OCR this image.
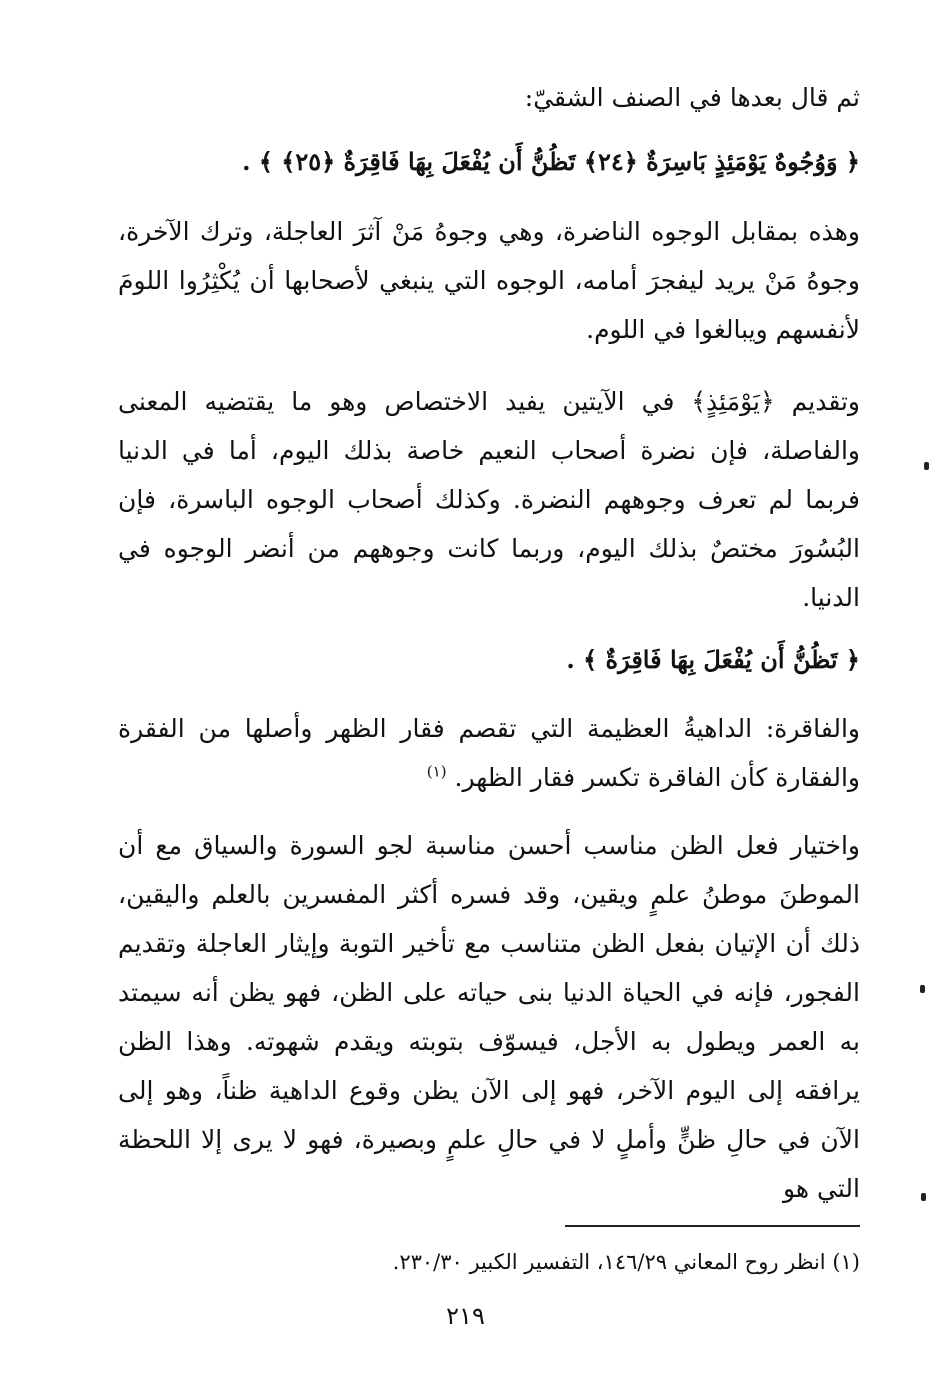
ثم قال بعدها في الصنف الشقيّ:

﴿ وَوُجُوهٌ يَوْمَئِذٍ بَاسِرَةٌ ﴿٢٤﴾ تَظُنُّ أَن يُفْعَلَ بِهَا فَاقِرَةٌ ﴿٢٥﴾ ﴾ .

وهذه بمقابل الوجوه الناضرة، وهي وجوهُ مَنْ آثرَ العاجلة، وترك الآخرة، وجوهُ مَنْ يريد ليفجرَ أمامه، الوجوه التي ينبغي لأصحابها أن يُكْثِرُوا اللومَ لأنفسهم ويبالغوا في اللوم.

وتقديم ﴿يَوْمَئِذٍ﴾ في الآيتين يفيد الاختصاص وهو ما يقتضيه المعنى والفاصلة، فإن نضرة أصحاب النعيم خاصة بذلك اليوم، أما في الدنيا فربما لم تعرف وجوههم النضرة. وكذلك أصحاب الوجوه الباسرة، فإن البُسُورَ مختصٌ بذلك اليوم، وربما كانت وجوههم من أنضر الوجوه في الدنيا.

﴿ تَظُنُّ أَن يُفْعَلَ بِهَا فَاقِرَةٌ ﴾ .

والفاقرة: الداهيةُ العظيمة التي تقصم فقار الظهر وأصلها من الفقرة والفقارة كأن الفاقرة تكسر فقار الظهر. $^{(١)}$

واختيار فعل الظن مناسب أحسن مناسبة لجو السورة والسياق مع أن الموطنَ موطنُ علمٍ ويقين، وقد فسره أكثر المفسرين بالعلم واليقين، ذلك أن الإتيان بفعل الظن متناسب مع تأخير التوبة وإيثار العاجلة وتقديم الفجور، فإنه في الحياة الدنيا بنى حياته على الظن، فهو يظن أنه سيمتد به العمر ويطول به الأجل، فيسوّف بتوبته ويقدم شهوته. وهذا الظن يرافقه إلى اليوم الآخر، فهو إلى الآن يظن وقوع الداهية ظناً، وهو إلى الآن في حالِ ظنٍّ وأملٍ لا في حالِ علمٍ وبصيرة، فهو لا يرى إلا اللحظة التي هو

(١) انظر روح المعاني ١٤٦/٢٩، التفسير الكبير ٢٣٠/٣٠.

٢١٩
